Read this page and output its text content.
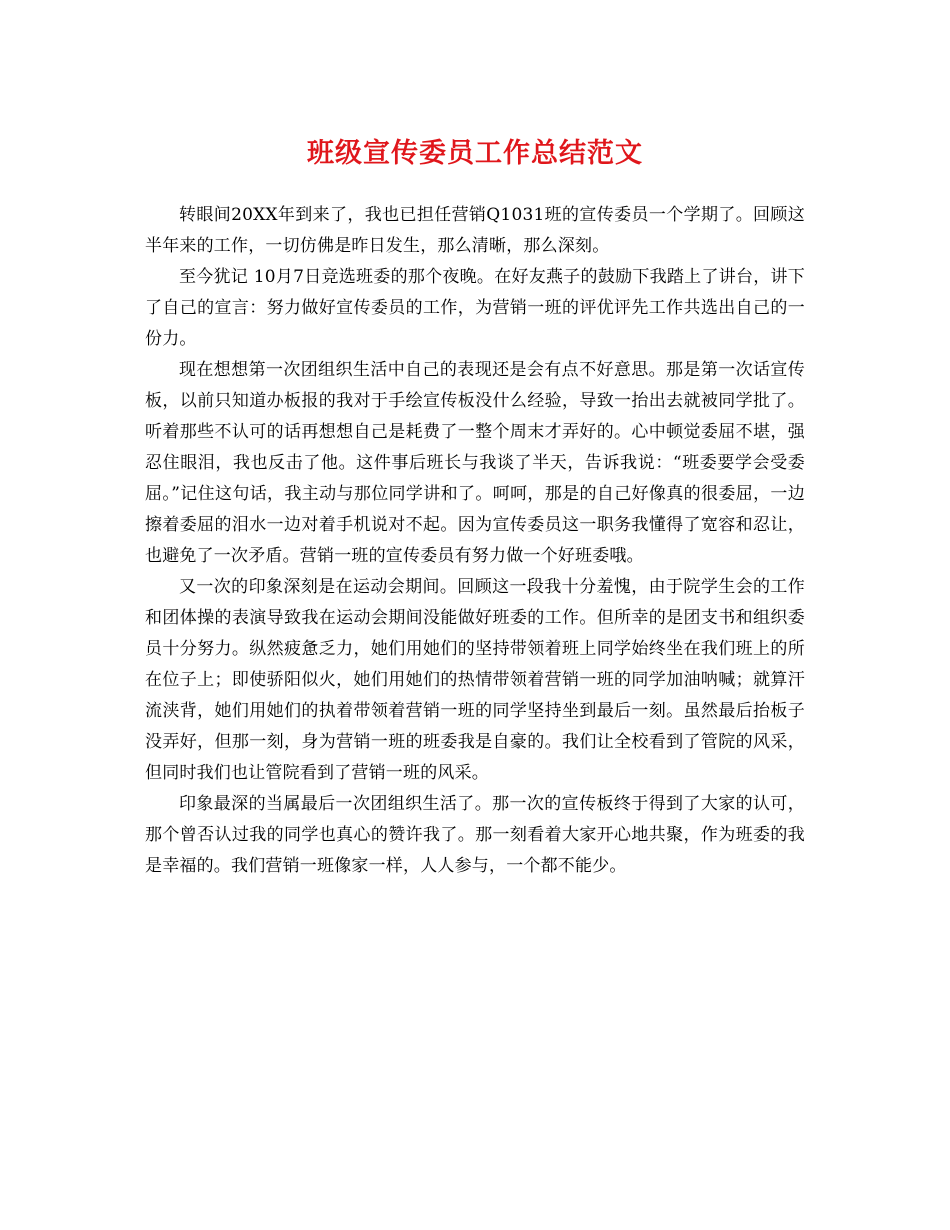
班级宣传委员工作总结范文

转眼间20XX年到来了，我也已担任营销Q1031班的宣传委员一个学期了。回顾这半年来的工作，一切仿佛是昨日发生，那么清晰，那么深刻。

至今犹记 10月7日竞选班委的那个夜晚。在好友燕子的鼓励下我踏上了讲台，讲下了自己的宣言：努力做好宣传委员的工作，为营销一班的评优评先工作共选出自己的一份力。

现在想想第一次团组织生活中自己的表现还是会有点不好意思。那是第一次话宣传板，以前只知道办板报的我对于手绘宣传板没什么经验，导致一抬出去就被同学批了。听着那些不认可的话再想想自己是耗费了一整个周末才弄好的。心中顿觉委屈不堪，强忍住眼泪，我也反击了他。这件事后班长与我谈了半天，告诉我说：“班委要学会受委屈。”记住这句话，我主动与那位同学讲和了。呵呵，那是的自己好像真的很委屈，一边擦着委屈的泪水一边对着手机说对不起。因为宣传委员这一职务我懂得了宽容和忍让，也避免了一次矛盾。营销一班的宣传委员有努力做一个好班委哦。

又一次的印象深刻是在运动会期间。回顾这一段我十分羞愧，由于院学生会的工作和团体操的表演导致我在运动会期间没能做好班委的工作。但所幸的是团支书和组织委员十分努力。纵然疲惫乏力，她们用她们的坚持带领着班上同学始终坐在我们班上的所在位子上；即使骄阳似火，她们用她们的热情带领着营销一班的同学加油呐喊；就算汗流浃背，她们用她们的执着带领着营销一班的同学坚持坐到最后一刻。虽然最后抬板子没弄好，但那一刻，身为营销一班的班委我是自豪的。我们让全校看到了管院的风采，但同时我们也让管院看到了营销一班的风采。

印象最深的当属最后一次团组织生活了。那一次的宣传板终于得到了大家的认可，那个曾否认过我的同学也真心的赞许我了。那一刻看着大家开心地共聚，作为班委的我是幸福的。我们营销一班像家一样，人人参与，一个都不能少。
